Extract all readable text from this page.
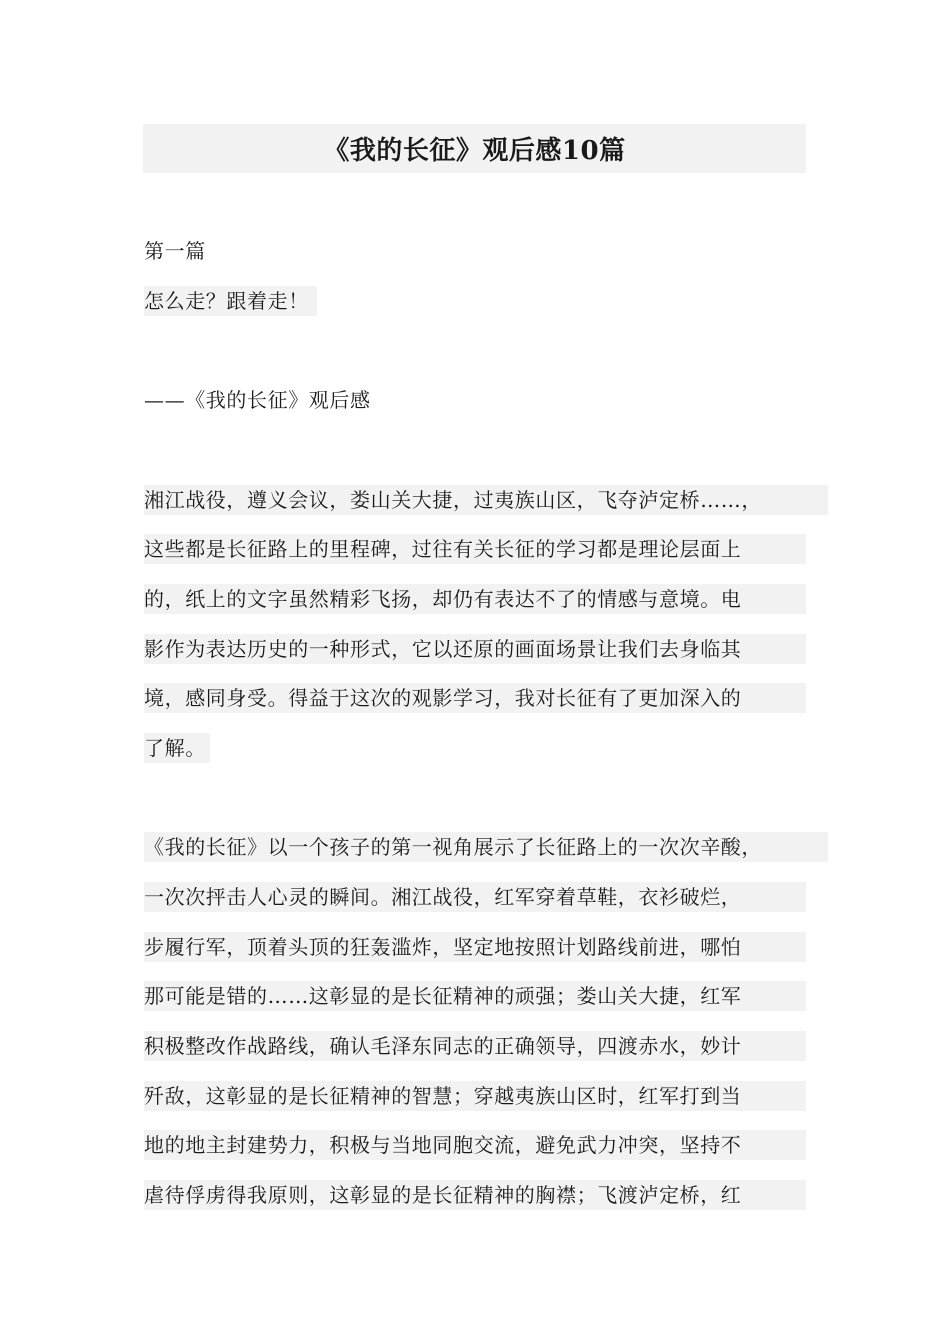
《我的长征》观后感10篇
第一篇
怎么走？跟着走！
——《我的长征》观后感
湘江战役，遵义会议，娄山关大捷，过夷族山区，飞夺泸定桥……，
这些都是长征路上的里程碑，过往有关长征的学习都是理论层面上
的，纸上的文字虽然精彩飞扬，却仍有表达不了的情感与意境。电
影作为表达历史的一种形式，它以还原的画面场景让我们去身临其
境，感同身受。得益于这次的观影学习，我对长征有了更加深入的
了解。
《我的长征》以一个孩子的第一视角展示了长征路上的一次次辛酸，
一次次抨击人心灵的瞬间。湘江战役，红军穿着草鞋，衣衫破烂，
步履行军，顶着头顶的狂轰滥炸，坚定地按照计划路线前进，哪怕
那可能是错的……这彰显的是长征精神的顽强；娄山关大捷，红军
积极整改作战路线，确认毛泽东同志的正确领导，四渡赤水，妙计
歼敌，这彰显的是长征精神的智慧；穿越夷族山区时，红军打到当
地的地主封建势力，积极与当地同胞交流，避免武力冲突，坚持不
虐待俘虏得我原则，这彰显的是长征精神的胸襟；飞渡泸定桥，红
